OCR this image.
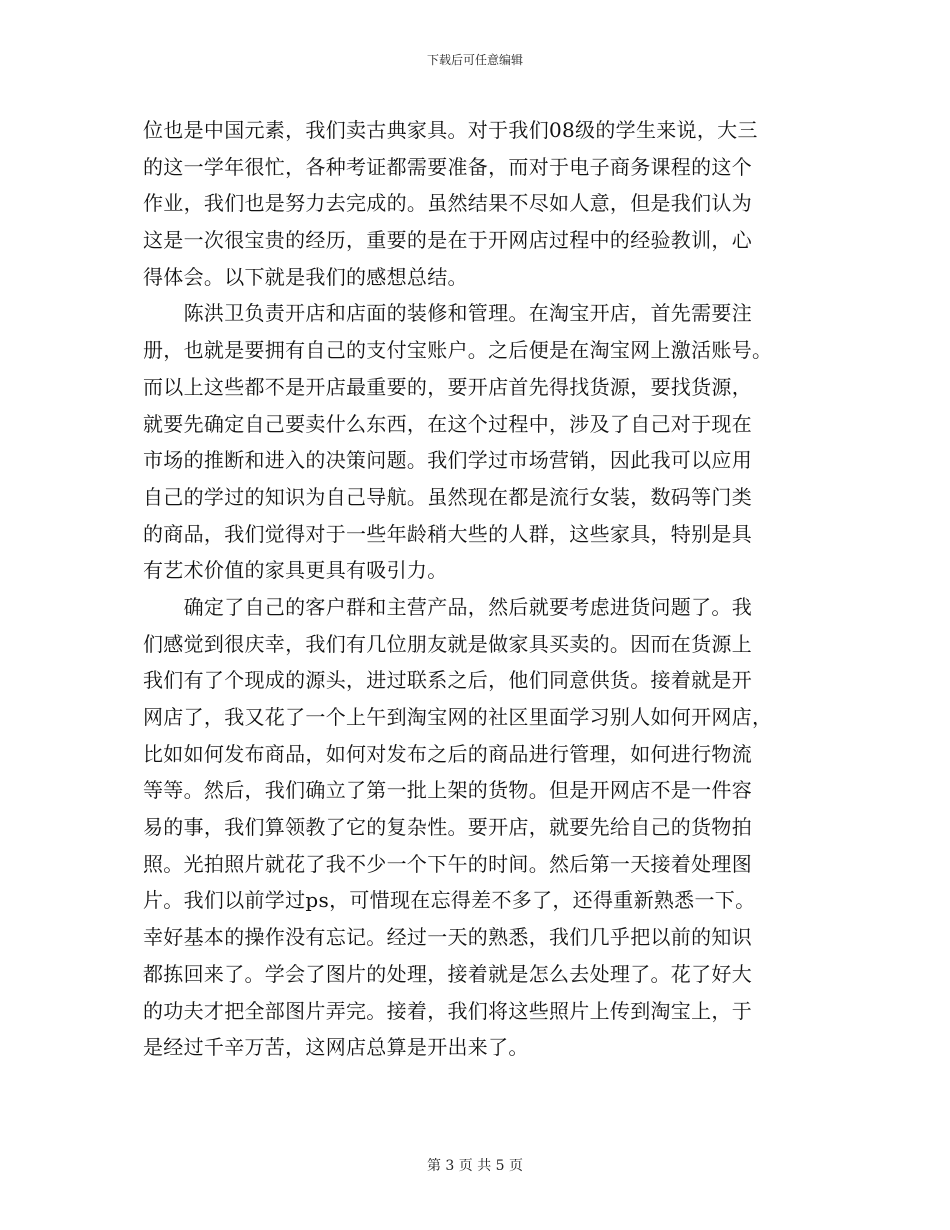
下载后可任意编辑
位也是中国元素，我们卖古典家具。对于我们08级的学生来说，大三
的这一学年很忙，各种考证都需要准备，而对于电子商务课程的这个
作业，我们也是努力去完成的。虽然结果不尽如人意，但是我们认为
这是一次很宝贵的经历，重要的是在于开网店过程中的经验教训，心
得体会。以下就是我们的感想总结。
　　陈洪卫负责开店和店面的装修和管理。在淘宝开店，首先需要注
册，也就是要拥有自己的支付宝账户。之后便是在淘宝网上激活账号。
而以上这些都不是开店最重要的，要开店首先得找货源，要找货源，
就要先确定自己要卖什么东西，在这个过程中，涉及了自己对于现在
市场的推断和进入的决策问题。我们学过市场营销，因此我可以应用
自己的学过的知识为自己导航。虽然现在都是流行女装，数码等门类
的商品，我们觉得对于一些年龄稍大些的人群，这些家具，特别是具
有艺术价值的家具更具有吸引力。
　　确定了自己的客户群和主营产品，然后就要考虑进货问题了。我
们感觉到很庆幸，我们有几位朋友就是做家具买卖的。因而在货源上
我们有了个现成的源头，进过联系之后，他们同意供货。接着就是开
网店了，我又花了一个上午到淘宝网的社区里面学习别人如何开网店，
比如如何发布商品，如何对发布之后的商品进行管理，如何进行物流
等等。然后，我们确立了第一批上架的货物。但是开网店不是一件容
易的事，我们算领教了它的复杂性。要开店，就要先给自己的货物拍
照。光拍照片就花了我不少一个下午的时间。然后第一天接着处理图
片。我们以前学过ps，可惜现在忘得差不多了，还得重新熟悉一下。
幸好基本的操作没有忘记。经过一天的熟悉，我们几乎把以前的知识
都拣回来了。学会了图片的处理，接着就是怎么去处理了。花了好大
的功夫才把全部图片弄完。接着，我们将这些照片上传到淘宝上，于
是经过千辛万苦，这网店总算是开出来了。
第 3 页 共 5 页
